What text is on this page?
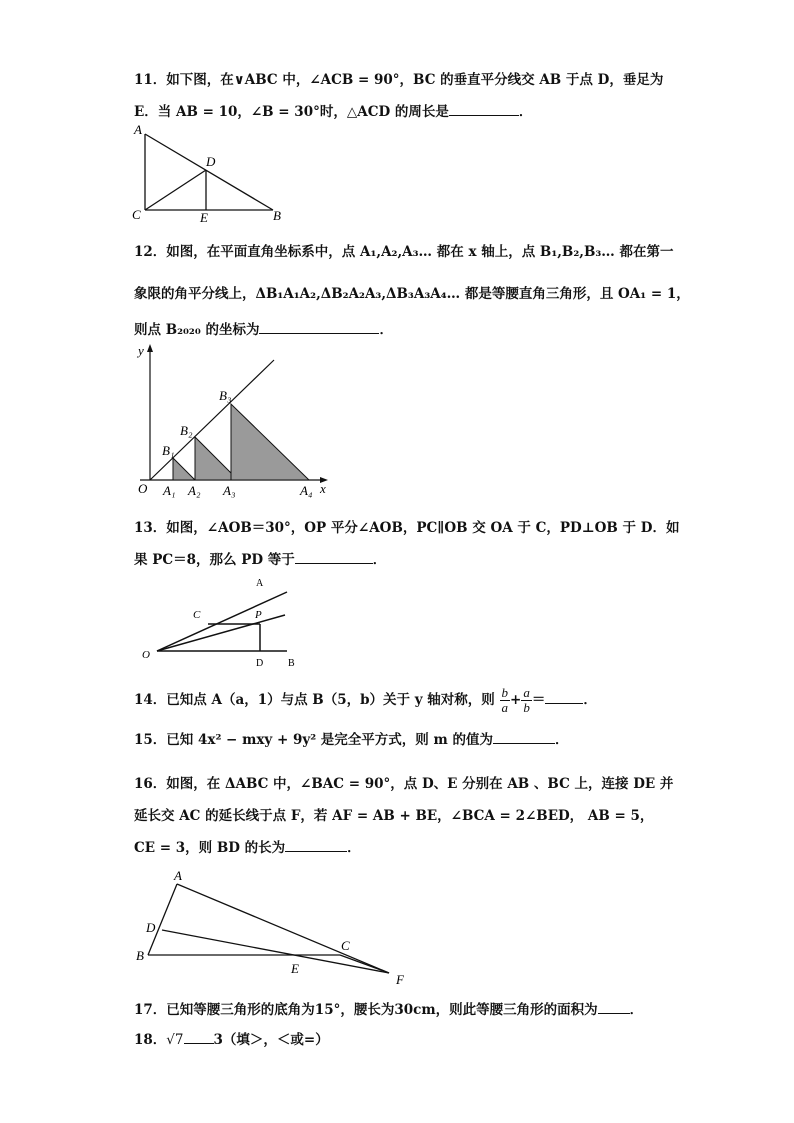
11．如下图，在∨ABC 中，∠ACB = 90°，BC 的垂直平分线交 AB 于点 D，垂足为
E．当 AB = 10，∠B = 30°时，△ACD 的周长是	．
A
D
C	E	B
12．如图，在平面直角坐标系中，点 A₁,A₂,A₃… 都在 x 轴上，点 B₁,B₂,B₃… 都在第一
象限的角平分线上，ΔB₁A₁A₂,ΔB₂A₂A₃,ΔB₃A₃A₄… 都是等腰直角三角形，且 OA₁ = 1，
则点 B₂₀₂₀ 的坐标为	．
y
x
O A₁ A₂ A₃	A₄
B₁
B₂
B₃
13．如图，∠AOB＝30°，OP 平分∠AOB，PC∥OB 交 OA 于 C，PD⊥OB 于 D．如
果 PC＝8，那么 PD 等于	．
A
C	P
O
D B
14．已知点 A（a，1）与点 B（5，b）关于 y 轴对称，则 $\frac{b}{a} + \frac{a}{b}$ ＝	．
15．已知 4x² − mxy + 9y² 是完全平方式，则 m 的值为	．
16．如图，在 ΔABC 中，∠BAC = 90°，点 D、E 分别在 AB 、BC 上，连接 DE 并
延长交 AC 的延长线于点 F，若 AF = AB + BE，∠BCA = 2∠BED， AB = 5，
CE = 3，则 BD 的长为	．
A
D
B
E
C
F
17．已知等腰三角形的底角为15°，腰长为30cm，则此等腰三角形的面积为 ．
18．√7 3（填＞，＜或=）
